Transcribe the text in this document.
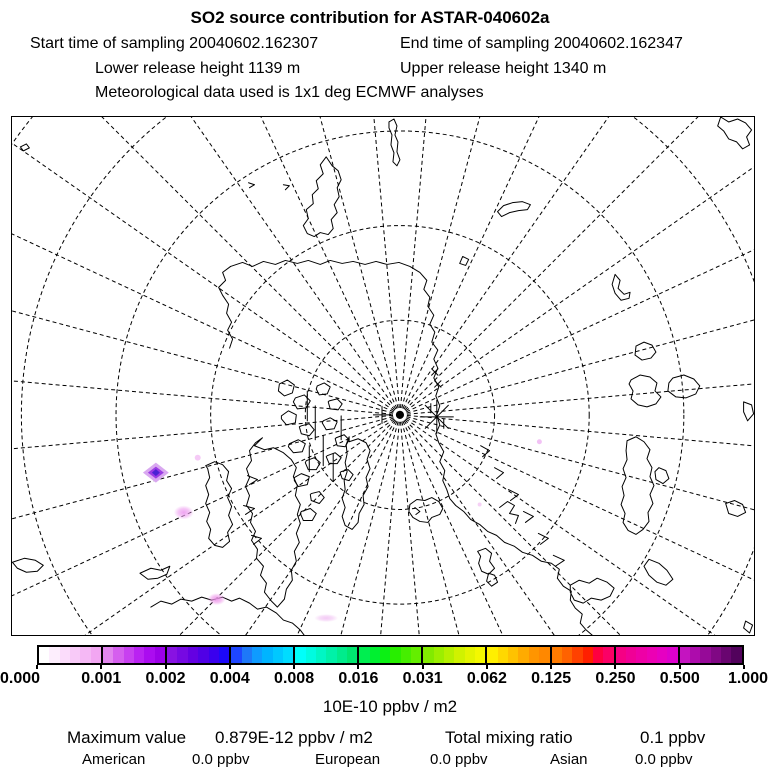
SO2 source contribution for ASTAR-040602a
Start time of sampling 20040602.162307	End time of sampling 20040602.162347
Lower release height 1139 m	Upper release height 1340 m
Meteorological data used is 1x1 deg ECMWF analyses
0.000	0.001 0.002 0.004 0.008 0.016 0.031 0.062 0.125 0.250 0.500 1.000
10E-10 ppbv / m2
Maximum value 0.879E-12 ppbv / m2	Total mixing ratio	0.1 ppbv
American	0.0 ppbv	European	0.0 ppbv	Asian	0.0 ppbv
